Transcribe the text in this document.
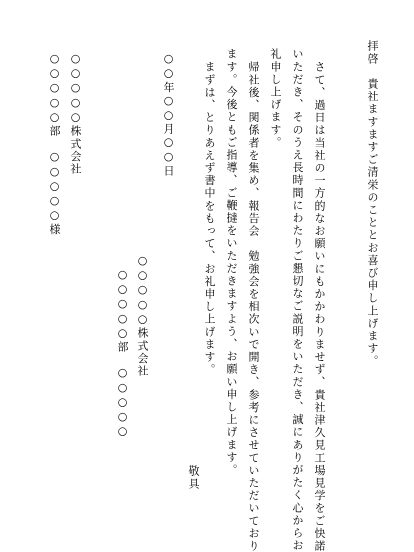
拝啓　貴社ますますご清栄のこととお喜び申し上げます。
さて、過日は当社の一方的なお願いにもかかわりませず、貴社津久見工場見学をご快諾
いただき、そのうえ長時間にわたりご懇切なご説明をいただき、誠にありがたく心からお
礼申し上げます。
帰社後、関係者を集め、報告会　勉強会を相次いで開き、参考にさせていただいており
ます。今後ともご指導、ご鞭撻をいただきますよう、お願い申し上げます。
まずは、とりあえず書中をもって、お礼申し上げます。
○○○○○株式会社
○○○○○部　○○○○○
敬具
○○年○○月○○日
○○○○○株式会社
○○○○○部　○○○○○様
